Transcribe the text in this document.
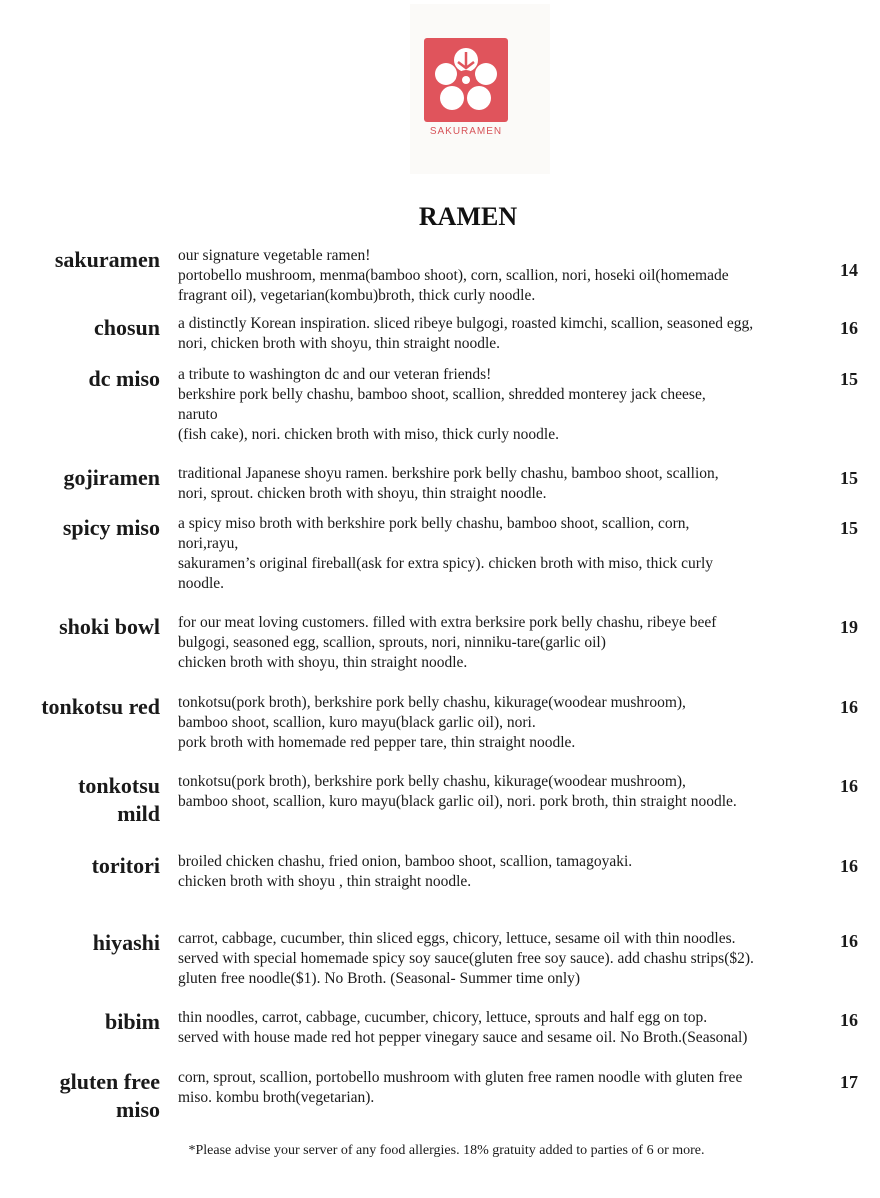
SAKURAMEN
RAMEN
sakuramen our signature vegetable ramen!
portobello mushroom, menma(bamboo shoot), corn, scallion, nori, hoseki oil(homemade
fragrant oil), vegetarian(kombu)broth, thick curly noodle.
14
chosun a distinctly Korean inspiration. sliced ribeye bulgogi, roasted kimchi, scallion, seasoned egg,
nori, chicken broth with shoyu, thin straight noodle.
16
dc miso a tribute to washington dc and our veteran friends!
berkshire pork belly chashu, bamboo shoot, scallion, shredded monterey jack cheese,
naruto
(fish cake), nori. chicken broth with miso, thick curly noodle.
15
gojiramen traditional Japanese shoyu ramen. berkshire pork belly chashu, bamboo shoot, scallion,
nori, sprout. chicken broth with shoyu, thin straight noodle.
15
spicy miso a spicy miso broth with berkshire pork belly chashu, bamboo shoot, scallion, corn,
nori,rayu,
sakuramen’s original fireball(ask for extra spicy). chicken broth with miso, thick curly
noodle.
15
shoki bowl for our meat loving customers. filled with extra berksire pork belly chashu, ribeye beef
bulgogi, seasoned egg, scallion, sprouts, nori, ninniku-tare(garlic oil)
chicken broth with shoyu, thin straight noodle.
19
tonkotsu red tonkotsu(pork broth), berkshire pork belly chashu, kikurage(woodear mushroom),
bamboo shoot, scallion, kuro mayu(black garlic oil), nori.
pork broth with homemade red pepper tare, thin straight noodle.
16
tonkotsu
mild
tonkotsu(pork broth), berkshire pork belly chashu, kikurage(woodear mushroom),
bamboo shoot, scallion, kuro mayu(black garlic oil), nori. pork broth, thin straight noodle.
16
toritori broiled chicken chashu, fried onion, bamboo shoot, scallion, tamagoyaki.
chicken broth with shoyu , thin straight noodle.
16
hiyashi carrot, cabbage, cucumber, thin sliced eggs, chicory, lettuce, sesame oil with thin noodles.
served with special homemade spicy soy sauce(gluten free soy sauce). add chashu strips($2).
gluten free noodle($1). No Broth. (Seasonal- Summer time only)
16
bibim thin noodles, carrot, cabbage, cucumber, chicory, lettuce, sprouts and half egg on top.
served with house made red hot pepper vinegary sauce and sesame oil. No Broth.(Seasonal)
16
gluten free
miso
corn, sprout, scallion, portobello mushroom with gluten free ramen noodle with gluten free
miso. kombu broth(vegetarian).
17
*Please advise your server of any food allergies. 18% gratuity added to parties of 6 or more.
